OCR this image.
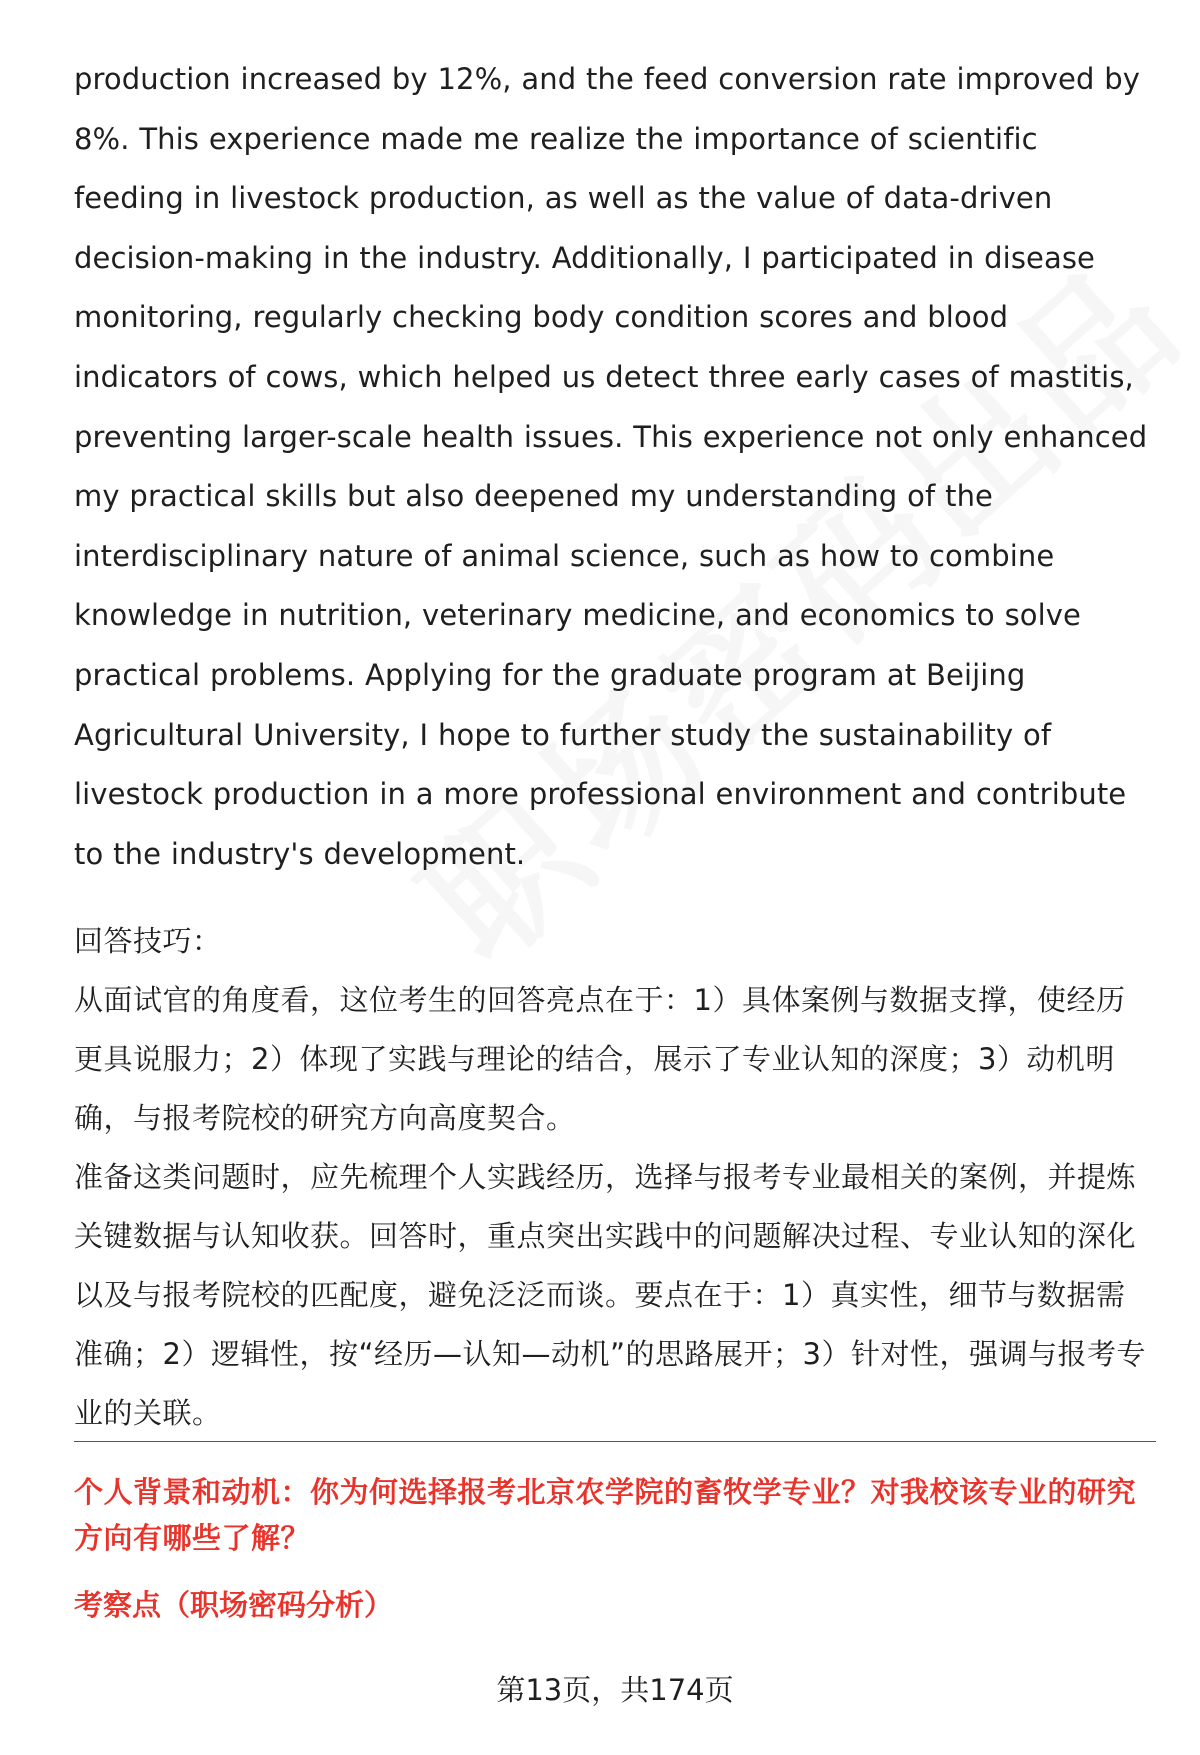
production increased by 12%, and the feed conversion rate improved by 8%. This experience made me realize the importance of scientific feeding in livestock production, as well as the value of data-driven decision-making in the industry. Additionally, I participated in disease monitoring, regularly checking body condition scores and blood indicators of cows, which helped us detect three early cases of mastitis, preventing larger-scale health issues. This experience not only enhanced my practical skills but also deepened my understanding of the interdisciplinary nature of animal science, such as how to combine knowledge in nutrition, veterinary medicine, and economics to solve practical problems. Applying for the graduate program at Beijing Agricultural University, I hope to further study the sustainability of livestock production in a more professional environment and contribute to the industry's development.

回答技巧：

从面试官的角度看，这位考生的回答亮点在于：1）具体案例与数据支撑，使经历更具说服力；2）体现了实践与理论的结合，展示了专业认知的深度；3）动机明确，与报考院校的研究方向高度契合。

准备这类问题时，应先梳理个人实践经历，选择与报考专业最相关的案例，并提炼关键数据与认知收获。回答时，重点突出实践中的问题解决过程、专业认知的深化以及与报考院校的匹配度，避免泛泛而谈。要点在于：1）真实性，细节与数据需准确；2）逻辑性，按“经历—认知—动机”的思路展开；3）针对性，强调与报考专业的关联。

个人背景和动机：你为何选择报考北京农学院的畜牧学专业？对我校该专业的研究方向有哪些了解？

考察点（职场密码分析）

第13页，共174页
